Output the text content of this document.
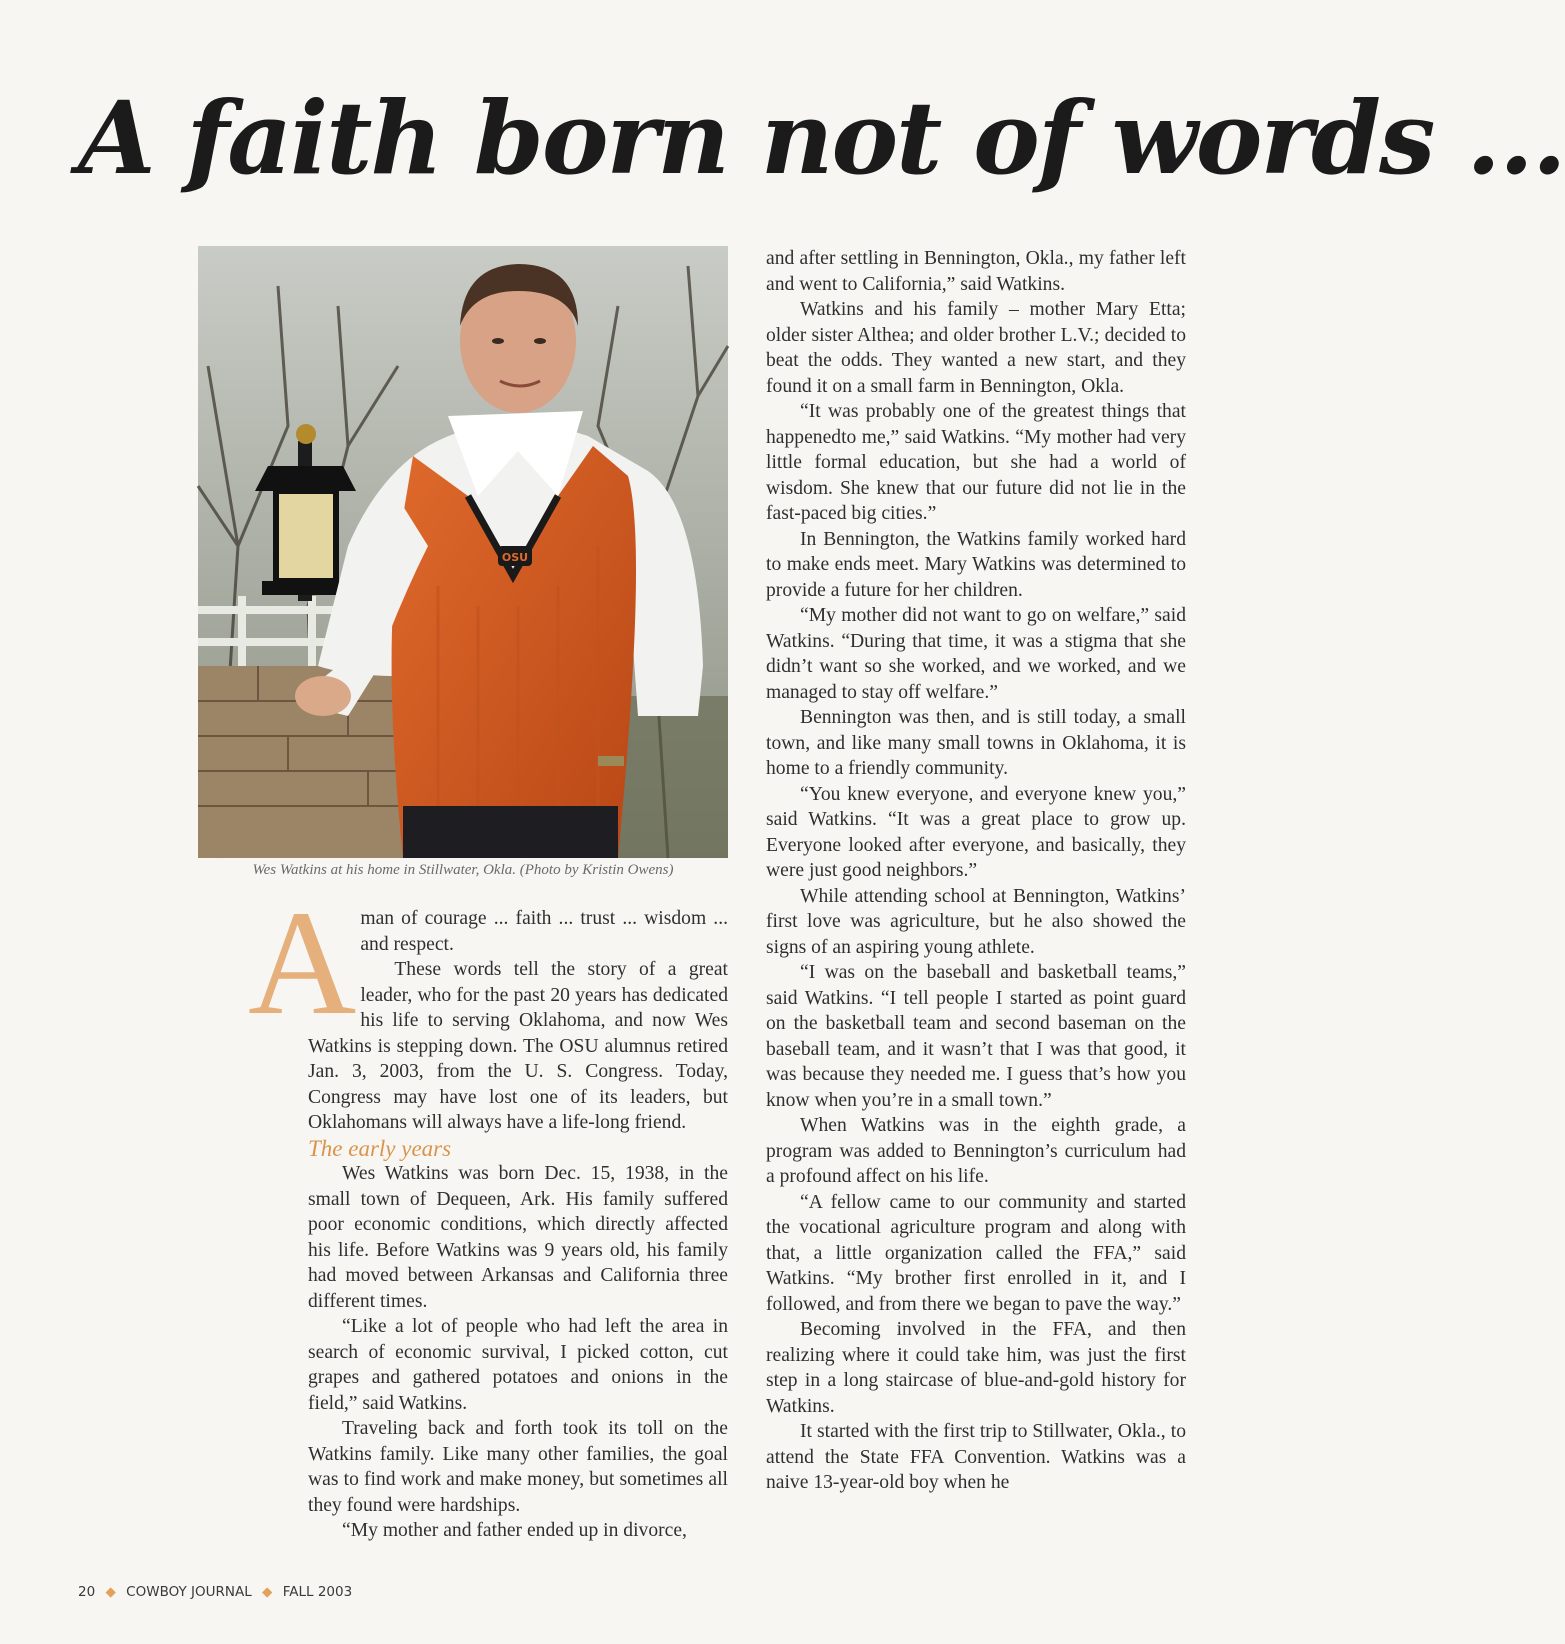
A faith born not of words ...
OSU
Wes Watkins at his home in Stillwater, Okla. (Photo by Kristin Owens)
A man of courage ... faith ... trust ... wisdom ... and respect.

These words tell the story of a great leader, who for the past 20 years has dedicated his life to serving Oklahoma, and now Wes Watkins is stepping down. The OSU alumnus retired Jan. 3, 2003, from the U. S. Congress. Today, Congress may have lost one of its leaders, but Oklahomans will always have a life-long friend.

The early years

Wes Watkins was born Dec. 15, 1938, in the small town of Dequeen, Ark. His family suffered poor economic conditions, which directly affected his life. Before Watkins was 9 years old, his family had moved between Arkansas and California three different times.

“Like a lot of people who had left the area in search of economic survival, I picked cotton, cut grapes and gathered potatoes and onions in the field,” said Watkins.

Traveling back and forth took its toll on the Watkins family. Like many other families, the goal was to find work and make money, but sometimes all they found were hardships.

“My mother and father ended up in divorce,

and after settling in Bennington, Okla., my father left and went to California,” said Watkins.

Watkins and his family – mother Mary Etta; older sister Althea; and older brother L.V.; decided to beat the odds. They wanted a new start, and they found it on a small farm in Bennington, Okla.

“It was probably one of the greatest things that happenedto me,” said Watkins. “My mother had very little formal education, but she had a world of wisdom. She knew that our future did not lie in the fast-paced big cities.”

In Bennington, the Watkins family worked hard to make ends meet. Mary Watkins was determined to provide a future for her children.

“My mother did not want to go on welfare,” said Watkins. “During that time, it was a stigma that she didn’t want so she worked, and we worked, and we managed to stay off welfare.”

Bennington was then, and is still today, a small town, and like many small towns in Oklahoma, it is home to a friendly community.

“You knew everyone, and everyone knew you,” said Watkins. “It was a great place to grow up. Everyone looked after everyone, and basically, they were just good neighbors.”

While attending school at Bennington, Watkins’ first love was agriculture, but he also showed the signs of an aspiring young athlete.

“I was on the baseball and basketball teams,” said Watkins. “I tell people I started as point guard on the basketball team and second baseman on the baseball team, and it wasn’t that I was that good, it was because they needed me. I guess that’s how you know when you’re in a small town.”

When Watkins was in the eighth grade, a program was added to Bennington’s curriculum had a profound affect on his life.

“A fellow came to our community and started the vocational agriculture program and along with that, a little organization called the FFA,” said Watkins. “My brother first enrolled in it, and I followed, and from there we began to pave the way.”

Becoming involved in the FFA, and then realizing where it could take him, was just the first step in a long staircase of blue-and-gold history for Watkins.

It started with the first trip to Stillwater, Okla., to attend the State FFA Convention. Watkins was a naive 13-year-old boy when he

20 ◆ COWBOY JOURNAL ◆ FALL 2003
